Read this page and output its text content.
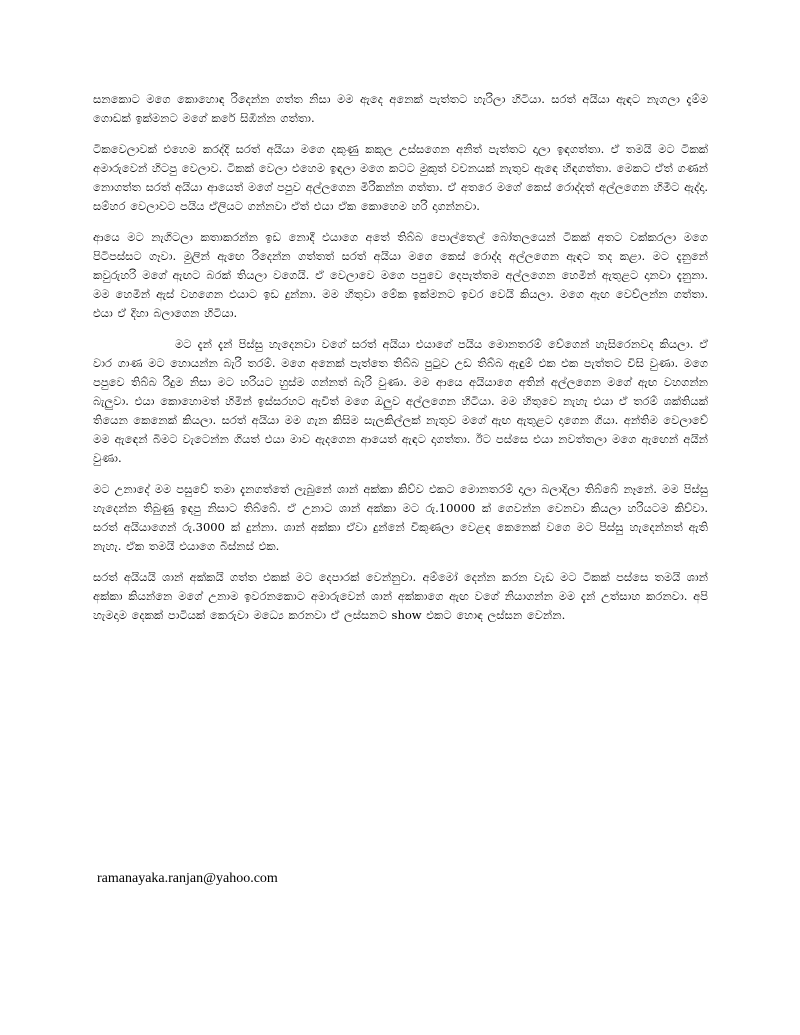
සනකොට මගෙ කොහොඳ රිදෙන්න ගත්ත නිසා මම ඇදෙ අනෙක් පැත්තට හැරිලා හිටියා. සරත් අයියා ඇඳට නැගලා දැම්ම ගොඩක් ඉක්මනට මගේ කරේ සිඹින්න ගත්තා.

ටිකවෙලාවක් එහෙම කරද්දි සරත් අයියා මගෙ දකුණු කකුල උස්සගෙන අනිත් පැත්තට දාලා ඉඳගත්තා. ඒ තමයි මට ටිකක් අමාරුවෙන් හිටපු වෙලාව. ටිකක් වෙලා එහෙම ඉඳලා මගෙ කටට මුකුත් වචනයක් නැතුව ඇඳෙ හිඳගත්තා. මෙකට ඒත් ගණන් නොගත්ත සරත් අයියා ආයෙත් මගේ පපුව අල්ලගෙන මිරිකන්න ගත්තා. ඒ අතරෙ මගේ කෙස් රොද්දත් අල්ලගෙන හිමීට ඇද්දා. සම්හර වෙලාවට පයිය ඒලියට ගන්නවා ඒත් එයා ඒක කොහෙම හරි දාගන්නවා.

ආයෙ මට නැගිටලා කතාකරන්න ඉඩ නොදී එයාගෙ අතේ තිබ්බ පොල්තෙල් බෝතලයෙන් ටිකක් අතට වක්කරලා මගෙ පිටිපස්සට ගෑවා. මුලින් ඇඟෙ රිදෙන්න ගත්තත් සරත් අයියා මගෙ කෙස් රොද්ද අල්ලගෙන ඇඳට තද කළා. මට දැනුනේ කවුරුහරි මගේ ඇඟට බරක් තියලා වගෙයි. ඒ වෙලාවෙ මගෙ පපුවෙ දෙපැත්තම අල්ලගෙන හෙමින් ඇතුළට දානවා දැනුනා. මම හෙමින් ඇස් වහගෙන එයාට ඉඩ දුන්නා. මම හිතුවා මේක ඉක්මනට ඉවර වෙයි කියලා. මගෙ ඇඟ වෙව්ලන්න ගත්තා. එයා ඒ දිහා බලාගෙන හිටියා.

මට දැන් දැන් පිස්සු හැදෙනවා වගේ සරත් අයියා එයාගේ පයිය මොනතරම් වේගෙන් හැසිරෙනවද කියලා. ඒ වාර ගාණ මට හොයන්න බැරි තරම්. මගෙ අනෙක් පැත්තෙ තිබ්බ පුටුව උඩ තිබ්බ ඇඳුම් එක එක පැත්තට විසි වුණා. මගෙ පපුවෙ තිබ්බ රිදුම නිසා මට හරියට හුස්ම ගන්නත් බැරි වුණා. මම ආයෙ අයියාගෙ අතින් අල්ලගෙන මගේ ඇඟ වහගන්න බැලුවා. එයා කොහොමත් හිමින් ඉස්සරහට ඇවිත් මගෙ ඔලුව අල්ලගෙන හිටියා. මම හිතුවෙ නැහැ එයා ඒ තරම් ශක්තියක් තියෙන කෙනෙක් කියලා. සරත් අයියා මම ගැන කිසිම සැලකිල්ලක් නැතුව මගේ ඇඟ ඇතුළට දාගෙන ගියා. අන්තිම වෙලාවේ මම ඇඳෙන් බිමට වැටෙන්න ගියත් එයා මාව ඇදගෙන ආයෙත් ඇඳට දාගත්තා. ඊට පස්සෙ එයා නවත්තලා මගෙ ඇඟෙන් අයින් වුණා.

මට උනාදේ මම පසුවේ තමා දැනගත්තේ ලැබුනේ ශාන් අක්කා කිව්ව එකට මොනතරම් දාලා බලාදිලා තිබ්බේ නෑනේ. මම පිස්සු හැදෙන්න තිබුණු ඉඳපු නිසාට තිබ්බේ. ඒ උනාට ශාන් අක්කා මට රු.10000 ක් ගෙවන්න වෙනවා කියලා හරියටම කිව්වා. සරත් අයියාගෙන් රු.3000 ක් දුන්නා. ශාන් අක්කා ඒවා දුන්නේ විකුණලා වෙළඳ කෙනෙක් වගෙ මට පිස්සු හැදෙන්නත් ඇති නැහැ. ඒක තමයි එයාගෙ බිස්නස් එක.

සරත් අයියයි ශාන් අක්කයි ගත්ත එකක් මට දෙපාරක් වෙන්නුවා. අම්මෝ දෙන්න කරන වැඩ මට ටිකක් පස්සෙ තමයි ශාන් අක්කා කියන්නෙ මගේ උනාම ඉවරනකොට අමාරුවෙන් ශාන් අක්කාගෙ ඇඟ වගේ නියාගන්න මම දැන් උත්සාහ කරනවා. අපි හැමදාම දෙකක් පාටියක් කෙරුවා මධ්‍යෙ කරනවා ඒ ලස්සනට show එකට හොඳ ලස්සන වෙන්න.

ramanayaka.ranjan@yahoo.com
